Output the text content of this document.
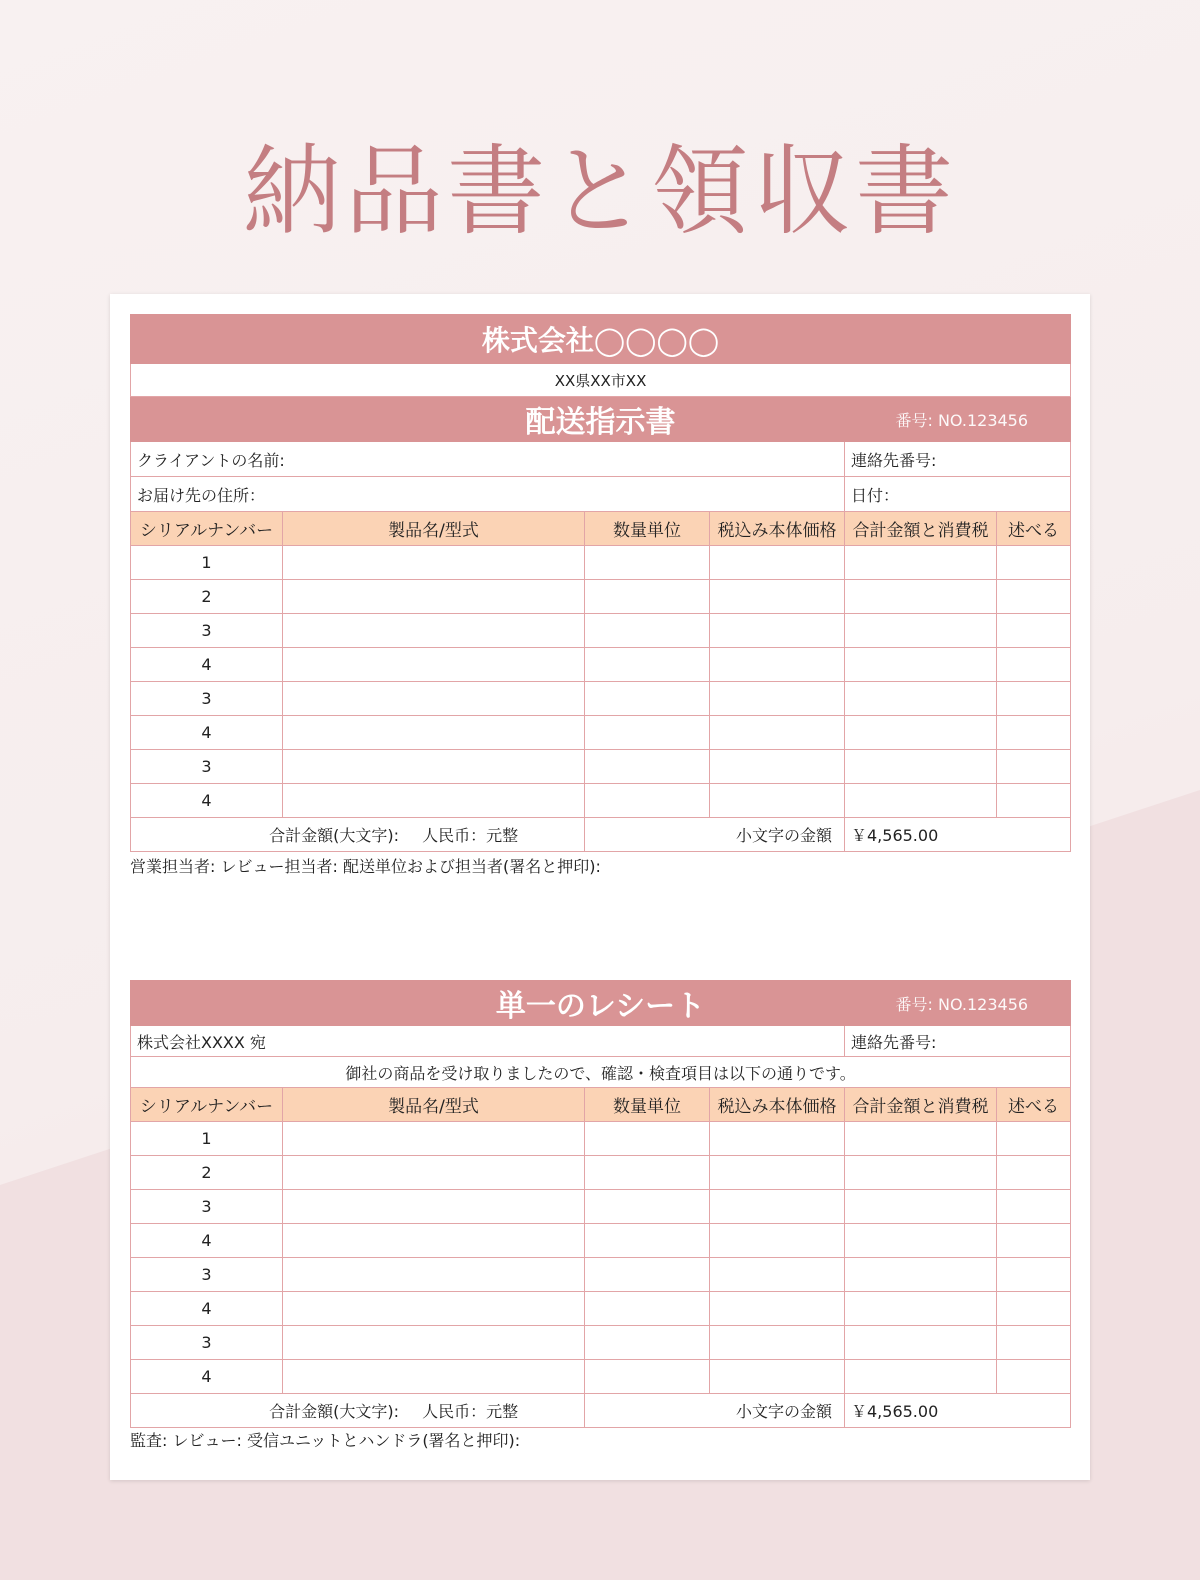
納品書と領収書
株式会社◯◯◯◯					
XX県XX市XX					

配送指示書 番号: NO.123456					

クライアントの名前:				連絡先番号:	
お届け先の住所：				日付：	
シリアルナンバー	製品名/型式	数量単位	税込み本体価格	合計金額と消費税	述べる
1					
2					
3					
4					
3					
4					
3					
4					
合計金額(大文字): 人民币：元整		小文字の金額		￥4,565.00	
営業担当者: レビュー担当者: 配送単位および担当者(署名と押印):
単一のレシート 番号: NO.123456					

株式会社XXXX 宛				連絡先番号:	
御社の商品を受け取りましたので、確認・検査項目は以下の通りです。					
シリアルナンバー	製品名/型式	数量単位	税込み本体価格	合計金額と消費税	述べる
1					
2					
3					
4					
3					
4					
3					
4					
合計金額(大文字): 人民币：元整		小文字の金額		￥4,565.00	
監査: レビュー: 受信ユニットとハンドラ(署名と押印):
